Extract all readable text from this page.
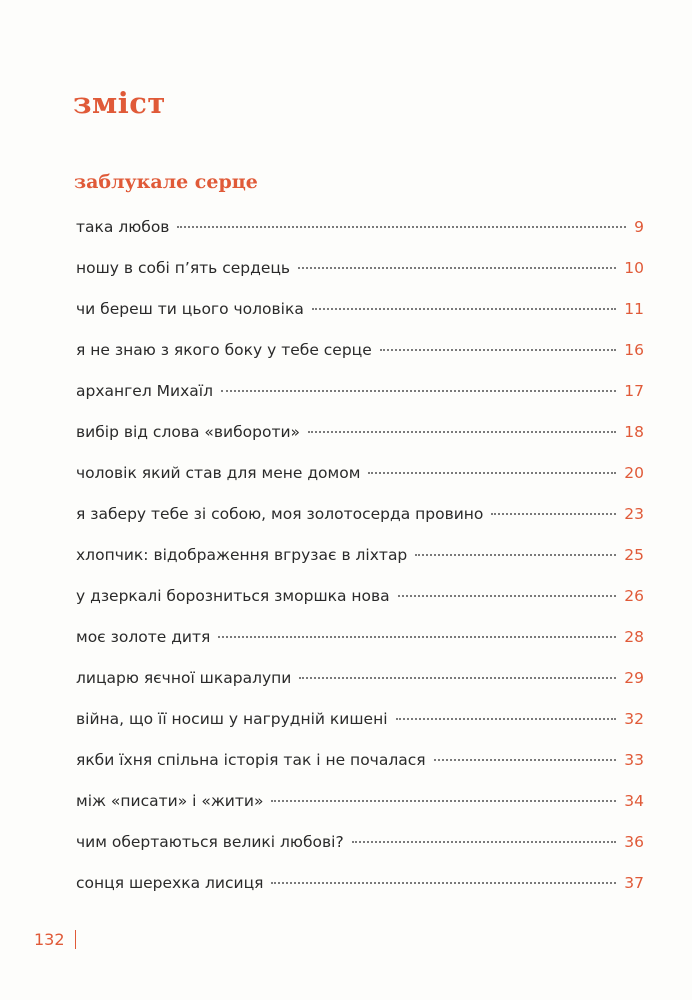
зміст
заблукале серце
така любов	9
ношу в собі п’ять сердець	10
чи береш ти цього чоловіка	11
я не знаю з якого боку у тебе серце	16
архангел Михаїл	17
вибір від слова «вибороти»	18
чоловік який став для мене домом	20
я заберу тебе зі собою, моя золотосерда провино	23
хлопчик: відображення вгрузає в ліхтар	25
у дзеркалі борозниться зморшка нова	26
моє золоте дитя	28
лицарю яєчної шкаралупи	29
війна, що її носиш у нагрудній кишені	32
якби їхня спільна історія так і не почалася	33
між «писати» і «жити»	34
чим обертаються великі любові?	36
сонця шерехка лисиця	37
132
